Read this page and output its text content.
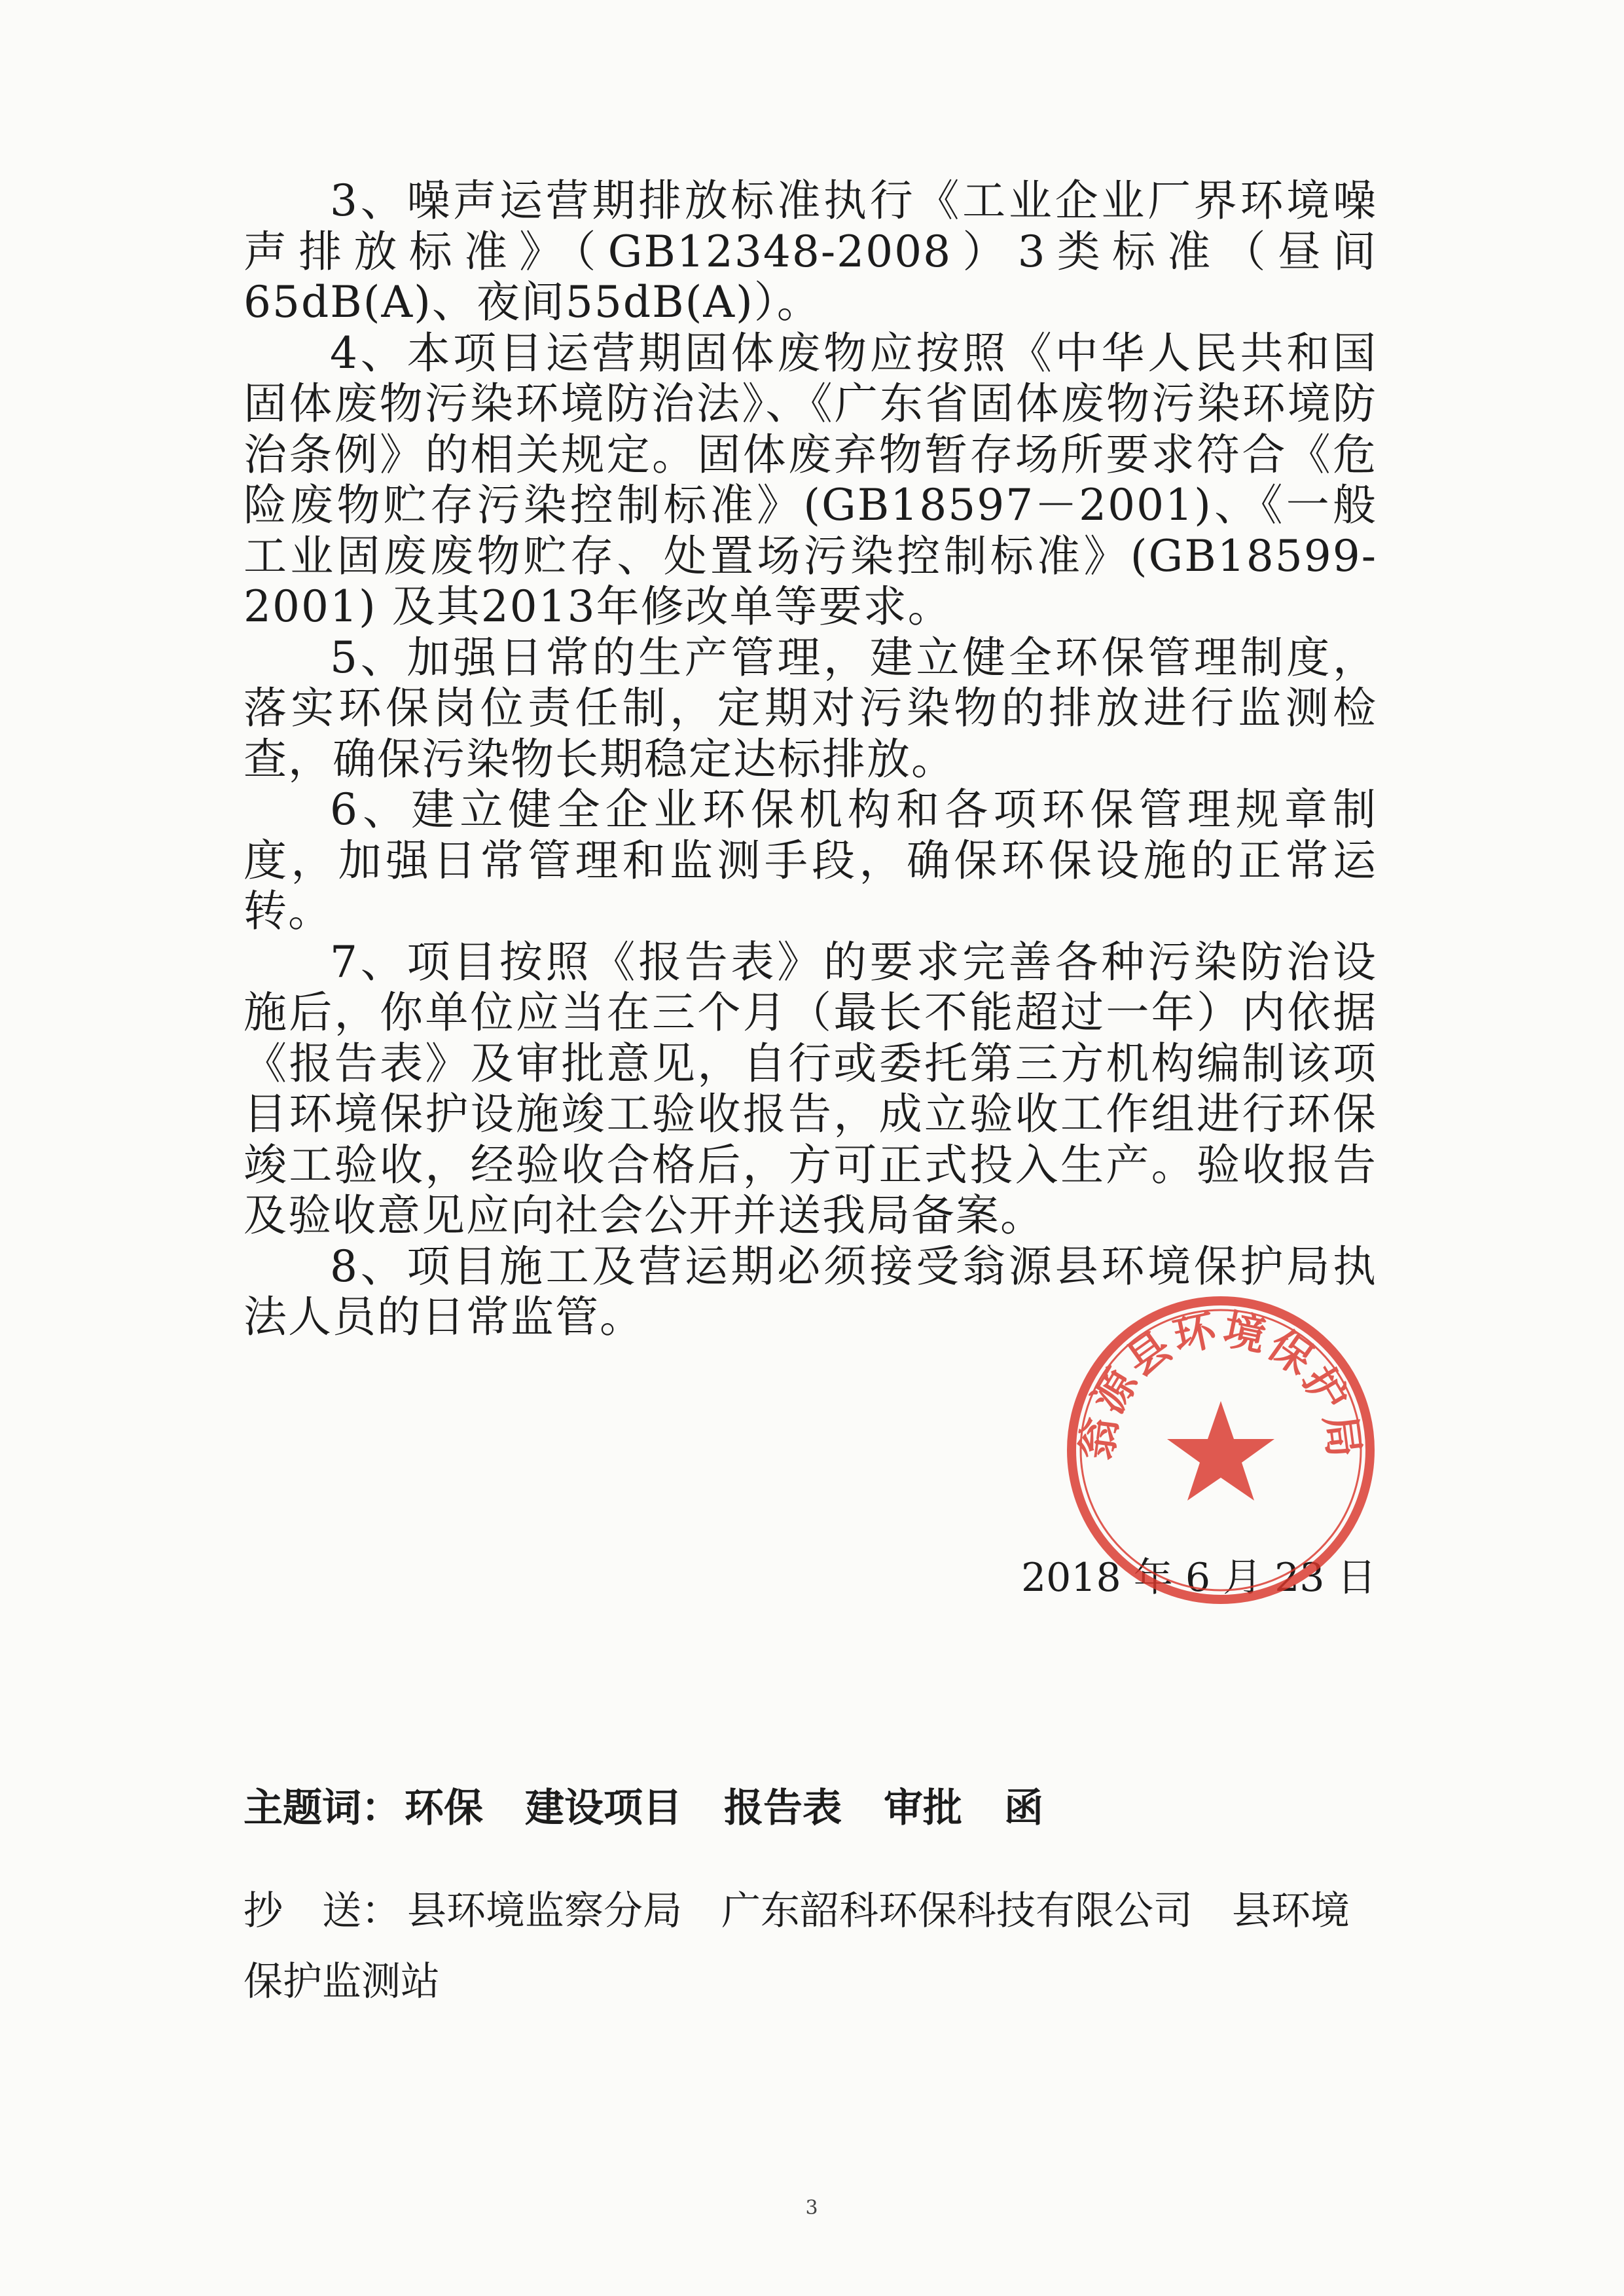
3、噪声运营期排放标准执行《工业企业厂界环境噪声排放标准》（GB12348-2008）3类标准（昼间65dB(A)、夜间55dB(A)）。

4、本项目运营期固体废物应按照《中华人民共和国固体废物污染环境防治法》、《广东省固体废物污染环境防治条例》的相关规定。固体废弃物暂存场所要求符合《危险废物贮存污染控制标准》(GB18597－2001)、《一般工业固废废物贮存、处置场污染控制标准》(GB18599-2001) 及其2013年修改单等要求。

5、加强日常的生产管理，建立健全环保管理制度，落实环保岗位责任制，定期对污染物的排放进行监测检查，确保污染物长期稳定达标排放。

6、建立健全企业环保机构和各项环保管理规章制度，加强日常管理和监测手段，确保环保设施的正常运转。

7、项目按照《报告表》的要求完善各种污染防治设施后，你单位应当在三个月（最长不能超过一年）内依据《报告表》及审批意见，自行或委托第三方机构编制该项目环境保护设施竣工验收报告，成立验收工作组进行环保竣工验收，经验收合格后，方可正式投入生产。验收报告及验收意见应向社会公开并送我局备案。

8、项目施工及营运期必须接受翁源县环境保护局执法人员的日常监管。

2018 年 6 月 23 日
翁源县环境保护局
主题词： 环保 建设项目 报告表 审批 函
抄　送： 县环境监察分局 广东韶科环保科技有限公司 县环境保护监测站
3
